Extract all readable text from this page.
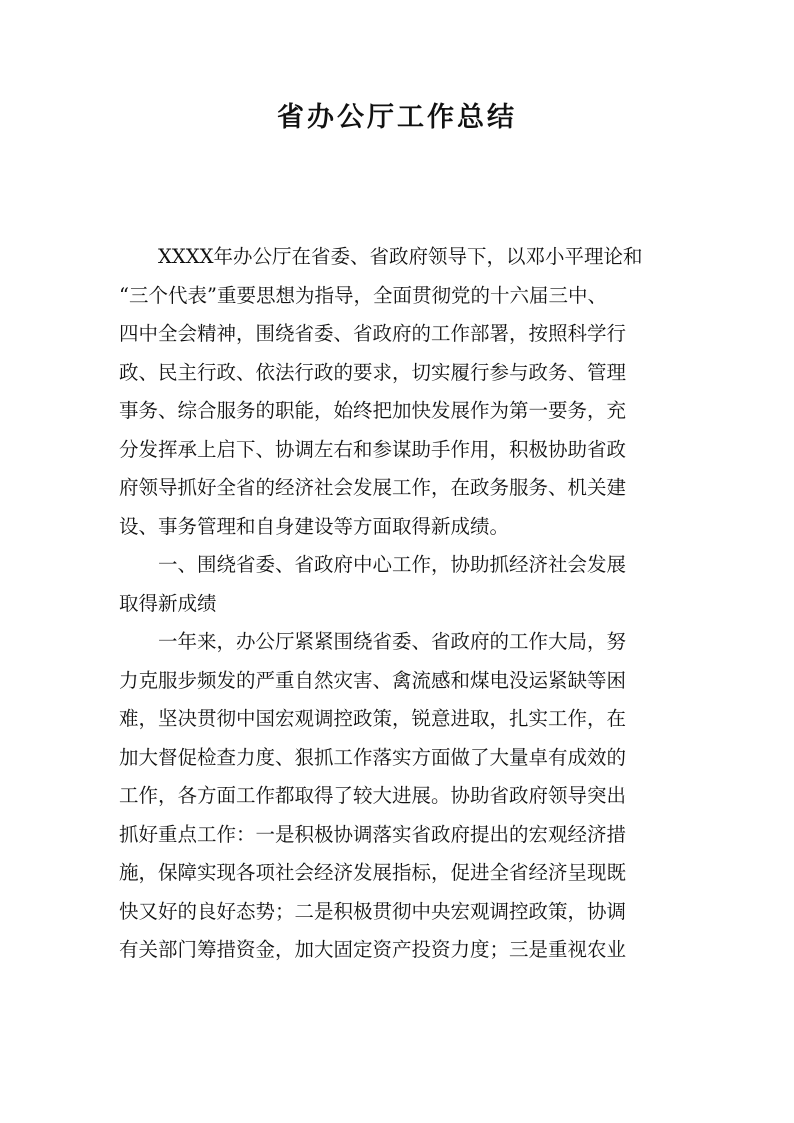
省办公厅工作总结
XXXX年办公厅在省委、省政府领导下，以邓小平理论和
“三个代表”重要思想为指导，全面贯彻党的十六届三中、
四中全会精神，围绕省委、省政府的工作部署，按照科学行
政、民主行政、依法行政的要求，切实履行参与政务、管理
事务、综合服务的职能，始终把加快发展作为第一要务，充
分发挥承上启下、协调左右和参谋助手作用，积极协助省政
府领导抓好全省的经济社会发展工作，在政务服务、机关建
设、事务管理和自身建设等方面取得新成绩。
一、围绕省委、省政府中心工作，协助抓经济社会发展
取得新成绩
一年来，办公厅紧紧围绕省委、省政府的工作大局，努
力克服步频发的严重自然灾害、禽流感和煤电没运紧缺等困
难，坚决贯彻中国宏观调控政策，锐意进取，扎实工作，在
加大督促检查力度、狠抓工作落实方面做了大量卓有成效的
工作，各方面工作都取得了较大进展。协助省政府领导突出
抓好重点工作：一是积极协调落实省政府提出的宏观经济措
施，保障实现各项社会经济发展指标，促进全省经济呈现既
快又好的良好态势；二是积极贯彻中央宏观调控政策，协调
有关部门筹措资金，加大固定资产投资力度；三是重视农业
